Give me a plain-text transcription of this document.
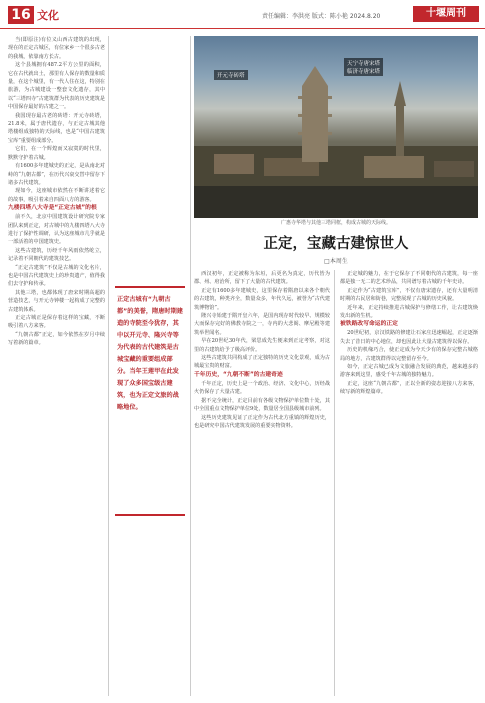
16 文化	责任编辑：李洪亮 版式：陈小艳 2024.8.20	十堰周刊

当(即原注)有位义山西古建筑的出现，现在的正定古城区，有位家乡一个很多古老的我城，依靠南方长古。

这个县城拥有487.2平方公里的面积，它在古代就出土，那里有人保存的数量和质量，在这个城里，有一代人住在这，特别在旅游，为古城建设一整套文化遗存，其中以“三塔四寺”古建筑群为代表的历史建筑是中国保存最好的古建之一。

我国现存最古老的砖塔：开元寺砖塔，21.8米，属于唐代遗存，与正定古城其他塔楼组成独特的天际线，也是“中国古建筑宝库”重要组成部分。

它们，在一个辉煌而又寂寞的时代里，默默守护着古城。

有1600多年建城史的正定，是从南北对峙的“九朝古都”，在历代兴衰交替中留存下诸多古代建筑。

现如今，这座城市依然在不断讲述着它的故事，吸引着来自四面八方的游客。

九楼四塔八大寺是“正定古城”的根

前不久，北京中国建筑设计研究院专家团队来到正定，对古城中的九楼四塔八大寺进行了保护性调研，认为这座城市几乎就是一部活着的中国建筑史。

这些古建筑，历经千年风雨依然屹立，记录着不同朝代的建筑技艺。

“正定古建筑”不仅是古城的文化名片，也是中国古代建筑史上的珍贵遗产，值得我们去守护和传承。

其他三塔，也都体现了唐宋时期高超的营造技艺，与开元寺钟楼一起构成了完整的古建筑体系。

正定古城正是保存着这样的宝藏，不断吸引着八方来客。

“九朝古都”正定，如今依然在岁月中续写着新的篇章。

正定古城有“九朝古都”的美誉，隋唐时期建造的寺院至今犹存，其中以开元寺、隆兴寺等为代表的古代建筑是古城宝藏的重要组成部分。当年王莲甲在此发现了众多国宝级古建筑，也为正定文旅的战略地位。
开元寺砖塔
天宁寺唐宋塔
临济寺唐宋塔
广惠寺华塔与其他三塔同框，构成古城的天际线。
正定，宝藏古建惊世人
□本周生

西汉初年，正定被称为东垣，后更名为真定，历代皆为郡、州、府治所，留下了大量的古代建筑。

正定有1600多年建城史，这里保存着隋唐以来各个朝代的古建筑，种类齐全，数量众多，年代久远，被誉为“古代建筑博物馆”。

隆兴寺始建于隋开皇六年，是国内现存时代较早、规模较大而保存完好的佛教寺院之一，寺内的大悲阁、摩尼殿等建筑举世闻名。

早在20世纪30年代，梁思成先生便来到正定考察，对这里的古建筑给予了极高评价。

这些古建筑共同构成了正定独特的历史文化景观，成为古城最宝贵的财富。

千年历史，“九朝不断”的古建奇迹

千年正定，历史上是一个政治、经济、文化中心，历经战火仍保存了大量古建。

据不完全统计，正定目前有各级文物保护单位数十处，其中全国重点文物保护单位9处，数量居全国县级城市前列。

这些历史建筑见证了正定作为古代北方重镇的辉煌历史，也是研究中国古代建筑发展的重要实物资料。

正定城的魅力，在于它保存了不同朝代的古建筑，每一座都是独一无二的艺术珍品，共同谱写着古城的千年史诗。

正定作为“古建筑宝库”，不仅有唐宋遗存，还有大量明清时期的古民居和街巷，完整展现了古城的历史风貌。

近年来，正定持续推进古城保护与修缮工作，让古建筑焕发出新的生机。

被铁路改写命运的正定

20世纪初，京汉铁路的修建让石家庄迅速崛起，正定逐渐失去了昔日的中心地位，却也因此让大量古建筑得以保存。

历史的机缘巧合，使正定成为今天少有的保存完整古城格局的地方，古建筑群得以完整留存至今。

如今，正定古城已成为文旅融合发展的典范，越来越多的游客来到这里，感受千年古城的独特魅力。

正定，这座“九朝古都”，正以全新的姿态迎接八方来客，续写新的辉煌篇章。
